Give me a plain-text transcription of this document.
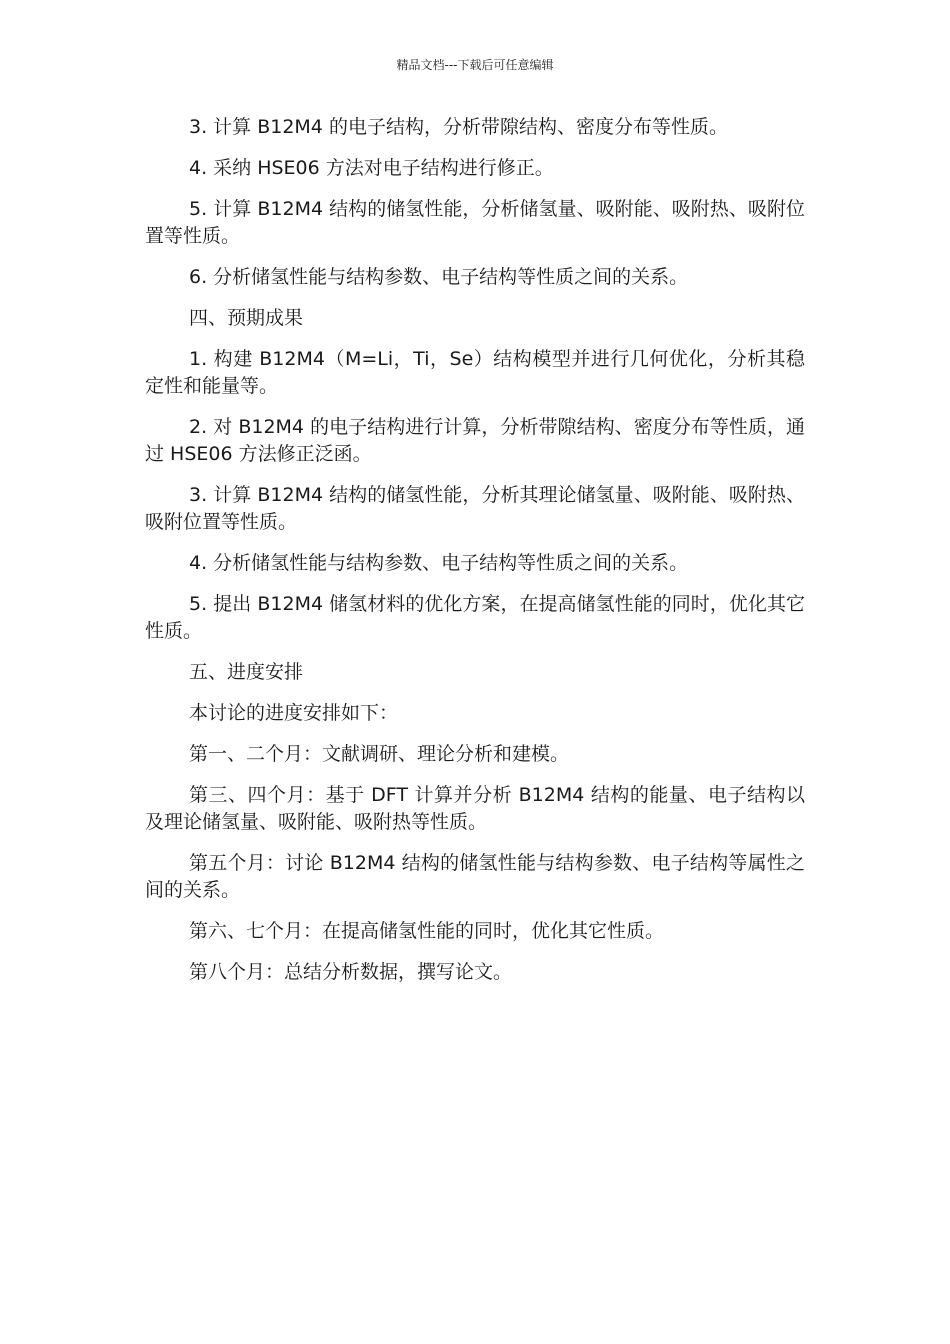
精品文档---下载后可任意编辑

3. 计算 B12M4 的电子结构，分析带隙结构、密度分布等性质。

4. 采纳 HSE06 方法对电子结构进行修正。

5. 计算 B12M4 结构的储氢性能，分析储氢量、吸附能、吸附热、吸附位置等性质。

6. 分析储氢性能与结构参数、电子结构等性质之间的关系。

四、预期成果

1. 构建 B12M4（M=Li，Ti，Se）结构模型并进行几何优化，分析其稳定性和能量等。

2. 对 B12M4 的电子结构进行计算，分析带隙结构、密度分布等性质，通过 HSE06 方法修正泛函。

3. 计算 B12M4 结构的储氢性能，分析其理论储氢量、吸附能、吸附热、吸附位置等性质。

4. 分析储氢性能与结构参数、电子结构等性质之间的关系。

5. 提出 B12M4 储氢材料的优化方案，在提高储氢性能的同时，优化其它性质。

五、进度安排

本讨论的进度安排如下：

第一、二个月：文献调研、理论分析和建模。

第三、四个月：基于 DFT 计算并分析 B12M4 结构的能量、电子结构以及理论储氢量、吸附能、吸附热等性质。

第五个月：讨论 B12M4 结构的储氢性能与结构参数、电子结构等属性之间的关系。

第六、七个月：在提高储氢性能的同时，优化其它性质。

第八个月：总结分析数据，撰写论文。
